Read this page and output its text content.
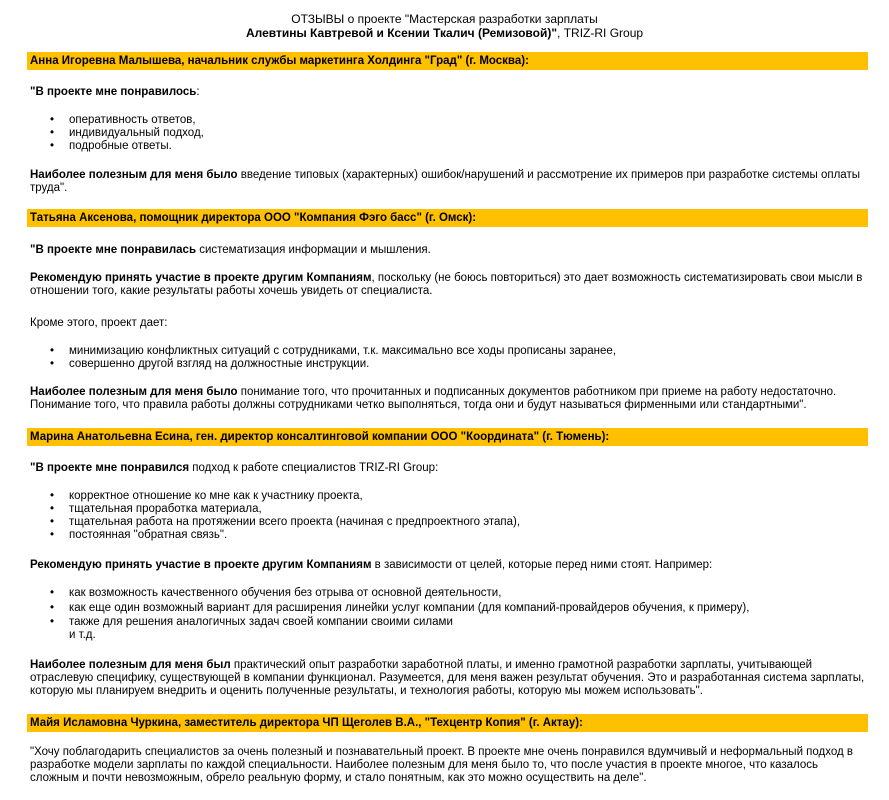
ОТЗЫВЫ о проекте "Мастерская разработки зарплаты
Алевтины Кавтревой и Ксении Ткалич (Ремизовой)", TRIZ-RI Group
Анна Игоревна Малышева, начальник службы маркетинга Холдинга "Град" (г. Москва):
"В проекте мне понравилось:
• оперативность ответов,
• индивидуальный подход,
• подробные ответы.
Наиболее полезным для меня было введение типовых (характерных) ошибок/нарушений и рассмотрение их примеров при разработке системы оплаты труда".
Татьяна Аксенова, помощник директора ООО "Компания Фэго басс" (г. Омск):
"В проекте мне понравилась систематизация информации и мышления.
Рекомендую принять участие в проекте другим Компаниям, поскольку (не боюсь повториться) это дает возможность систематизировать свои мысли в отношении того, какие результаты работы хочешь увидеть от специалиста.
Кроме этого, проект дает:
• минимизацию конфликтных ситуаций с сотрудниками, т.к. максимально все ходы прописаны заранее,
• совершенно другой взгляд на должностные инструкции.
Наиболее полезным для меня было понимание того, что прочитанных и подписанных документов работником при приеме на работу недостаточно. Понимание того, что правила работы должны сотрудниками четко выполняться, тогда они и будут называться фирменными или стандартными".
Марина Анатольевна Есина, ген. директор консалтинговой компании ООО "Координата" (г. Тюмень):
"В проекте мне понравился подход к работе специалистов TRIZ-RI Group:
• корректное отношение ко мне как к участнику проекта,
• тщательная проработка материала,
• тщательная работа на протяжении всего проекта (начиная с предпроектного этапа),
• постоянная "обратная связь".
Рекомендую принять участие в проекте другим Компаниям в зависимости от целей, которые перед ними стоят. Например:
• как возможность качественного обучения без отрыва от основной деятельности,
• как еще один возможный вариант для расширения линейки услуг компании (для компаний-провайдеров обучения, к примеру),
• также для решения аналогичных задач своей компании своими силами
и т.д.
Наиболее полезным для меня был практический опыт разработки заработной платы, и именно грамотной разработки зарплаты, учитывающей отраслевую специфику, существующей в компании функционал. Разумеется, для меня важен результат обучения. Это и разработанная система зарплаты, которую мы планируем внедрить и оценить полученные результаты, и технология работы, которую мы можем использовать".
Майя Исламовна Чуркина, заместитель директора ЧП Щеголев В.А., "Техцентр Копия" (г. Актау):
"Хочу поблагодарить специалистов за очень полезный и познавательный проект. В проекте мне очень понравился вдумчивый и неформальный подход в разработке модели зарплаты по каждой специальности. Наиболее полезным для меня было то, что после участия в проекте многое, что казалось сложным и почти невозможным, обрело реальную форму, и стало понятным, как это можно осуществить на деле".
